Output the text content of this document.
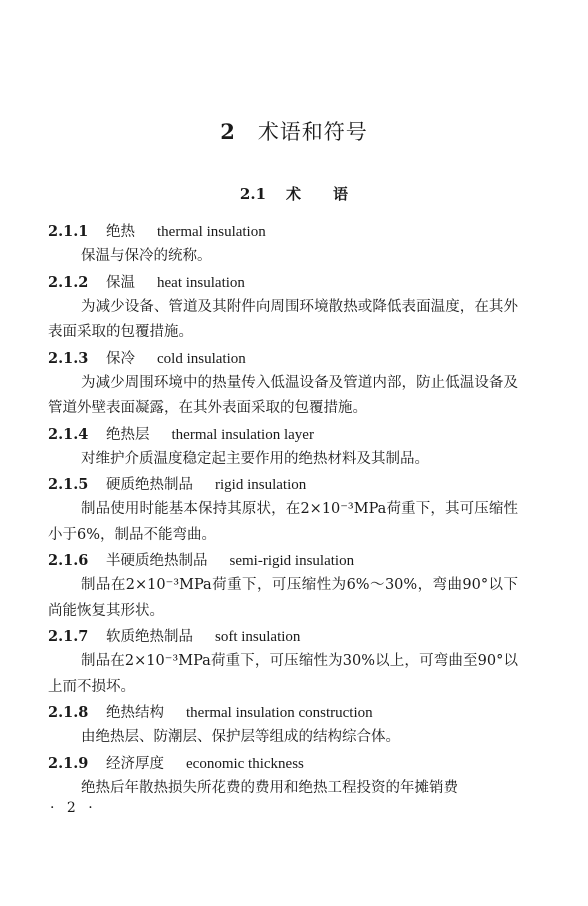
2 术语和符号
2.1 术 语
2.1.1 绝热 thermal insulation
保温与保冷的统称。
2.1.2 保温 heat insulation
为减少设备、管道及其附件向周围环境散热或降低表面温度，在其外表面采取的包覆措施。
2.1.3 保冷 cold insulation
为减少周围环境中的热量传入低温设备及管道内部，防止低温设备及管道外壁表面凝露，在其外表面采取的包覆措施。
2.1.4 绝热层 thermal insulation layer
对维护介质温度稳定起主要作用的绝热材料及其制品。
2.1.5 硬质绝热制品 rigid insulation
制品使用时能基本保持其原状，在2×10⁻³MPa荷重下，其可压缩性小于6%，制品不能弯曲。
2.1.6 半硬质绝热制品 semi-rigid insulation
制品在2×10⁻³MPa荷重下，可压缩性为6%～30%，弯曲90°以下尚能恢复其形状。
2.1.7 软质绝热制品 soft insulation
制品在2×10⁻³MPa荷重下，可压缩性为30%以上，可弯曲至90°以上而不损坏。
2.1.8 绝热结构 thermal insulation construction
由绝热层、防潮层、保护层等组成的结构综合体。
2.1.9 经济厚度 economic thickness
绝热后年散热损失所花费的费用和绝热工程投资的年摊销费
· 2 ·
